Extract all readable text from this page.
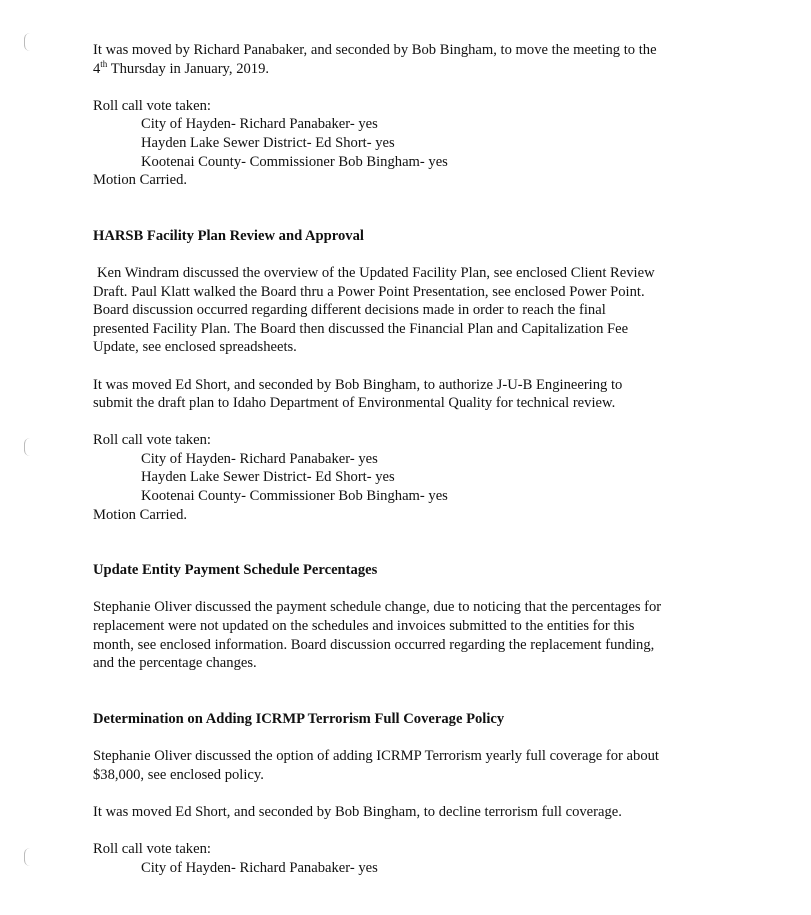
It was moved by Richard Panabaker, and seconded by Bob Bingham, to move the meeting to the

4th Thursday in January, 2019.

Roll call vote taken:

City of Hayden- Richard Panabaker- yes

Hayden Lake Sewer District- Ed Short- yes

Kootenai County- Commissioner Bob Bingham- yes

Motion Carried.

HARSB Facility Plan Review and Approval

Ken Windram discussed the overview of the Updated Facility Plan, see enclosed Client Review

Draft. Paul Klatt walked the Board thru a Power Point Presentation, see enclosed Power Point.

Board discussion occurred regarding different decisions made in order to reach the final

presented Facility Plan. The Board then discussed the Financial Plan and Capitalization Fee

Update, see enclosed spreadsheets.

It was moved Ed Short, and seconded by Bob Bingham, to authorize J-U-B Engineering to

submit the draft plan to Idaho Department of Environmental Quality for technical review.

Roll call vote taken:

City of Hayden- Richard Panabaker- yes

Hayden Lake Sewer District- Ed Short- yes

Kootenai County- Commissioner Bob Bingham- yes

Motion Carried.

Update Entity Payment Schedule Percentages

Stephanie Oliver discussed the payment schedule change, due to noticing that the percentages for

replacement were not updated on the schedules and invoices submitted to the entities for this

month, see enclosed information. Board discussion occurred regarding the replacement funding,

and the percentage changes.

Determination on Adding ICRMP Terrorism Full Coverage Policy

Stephanie Oliver discussed the option of adding ICRMP Terrorism yearly full coverage for about

$38,000, see enclosed policy.

It was moved Ed Short, and seconded by Bob Bingham, to decline terrorism full coverage.

Roll call vote taken:

City of Hayden- Richard Panabaker- yes
